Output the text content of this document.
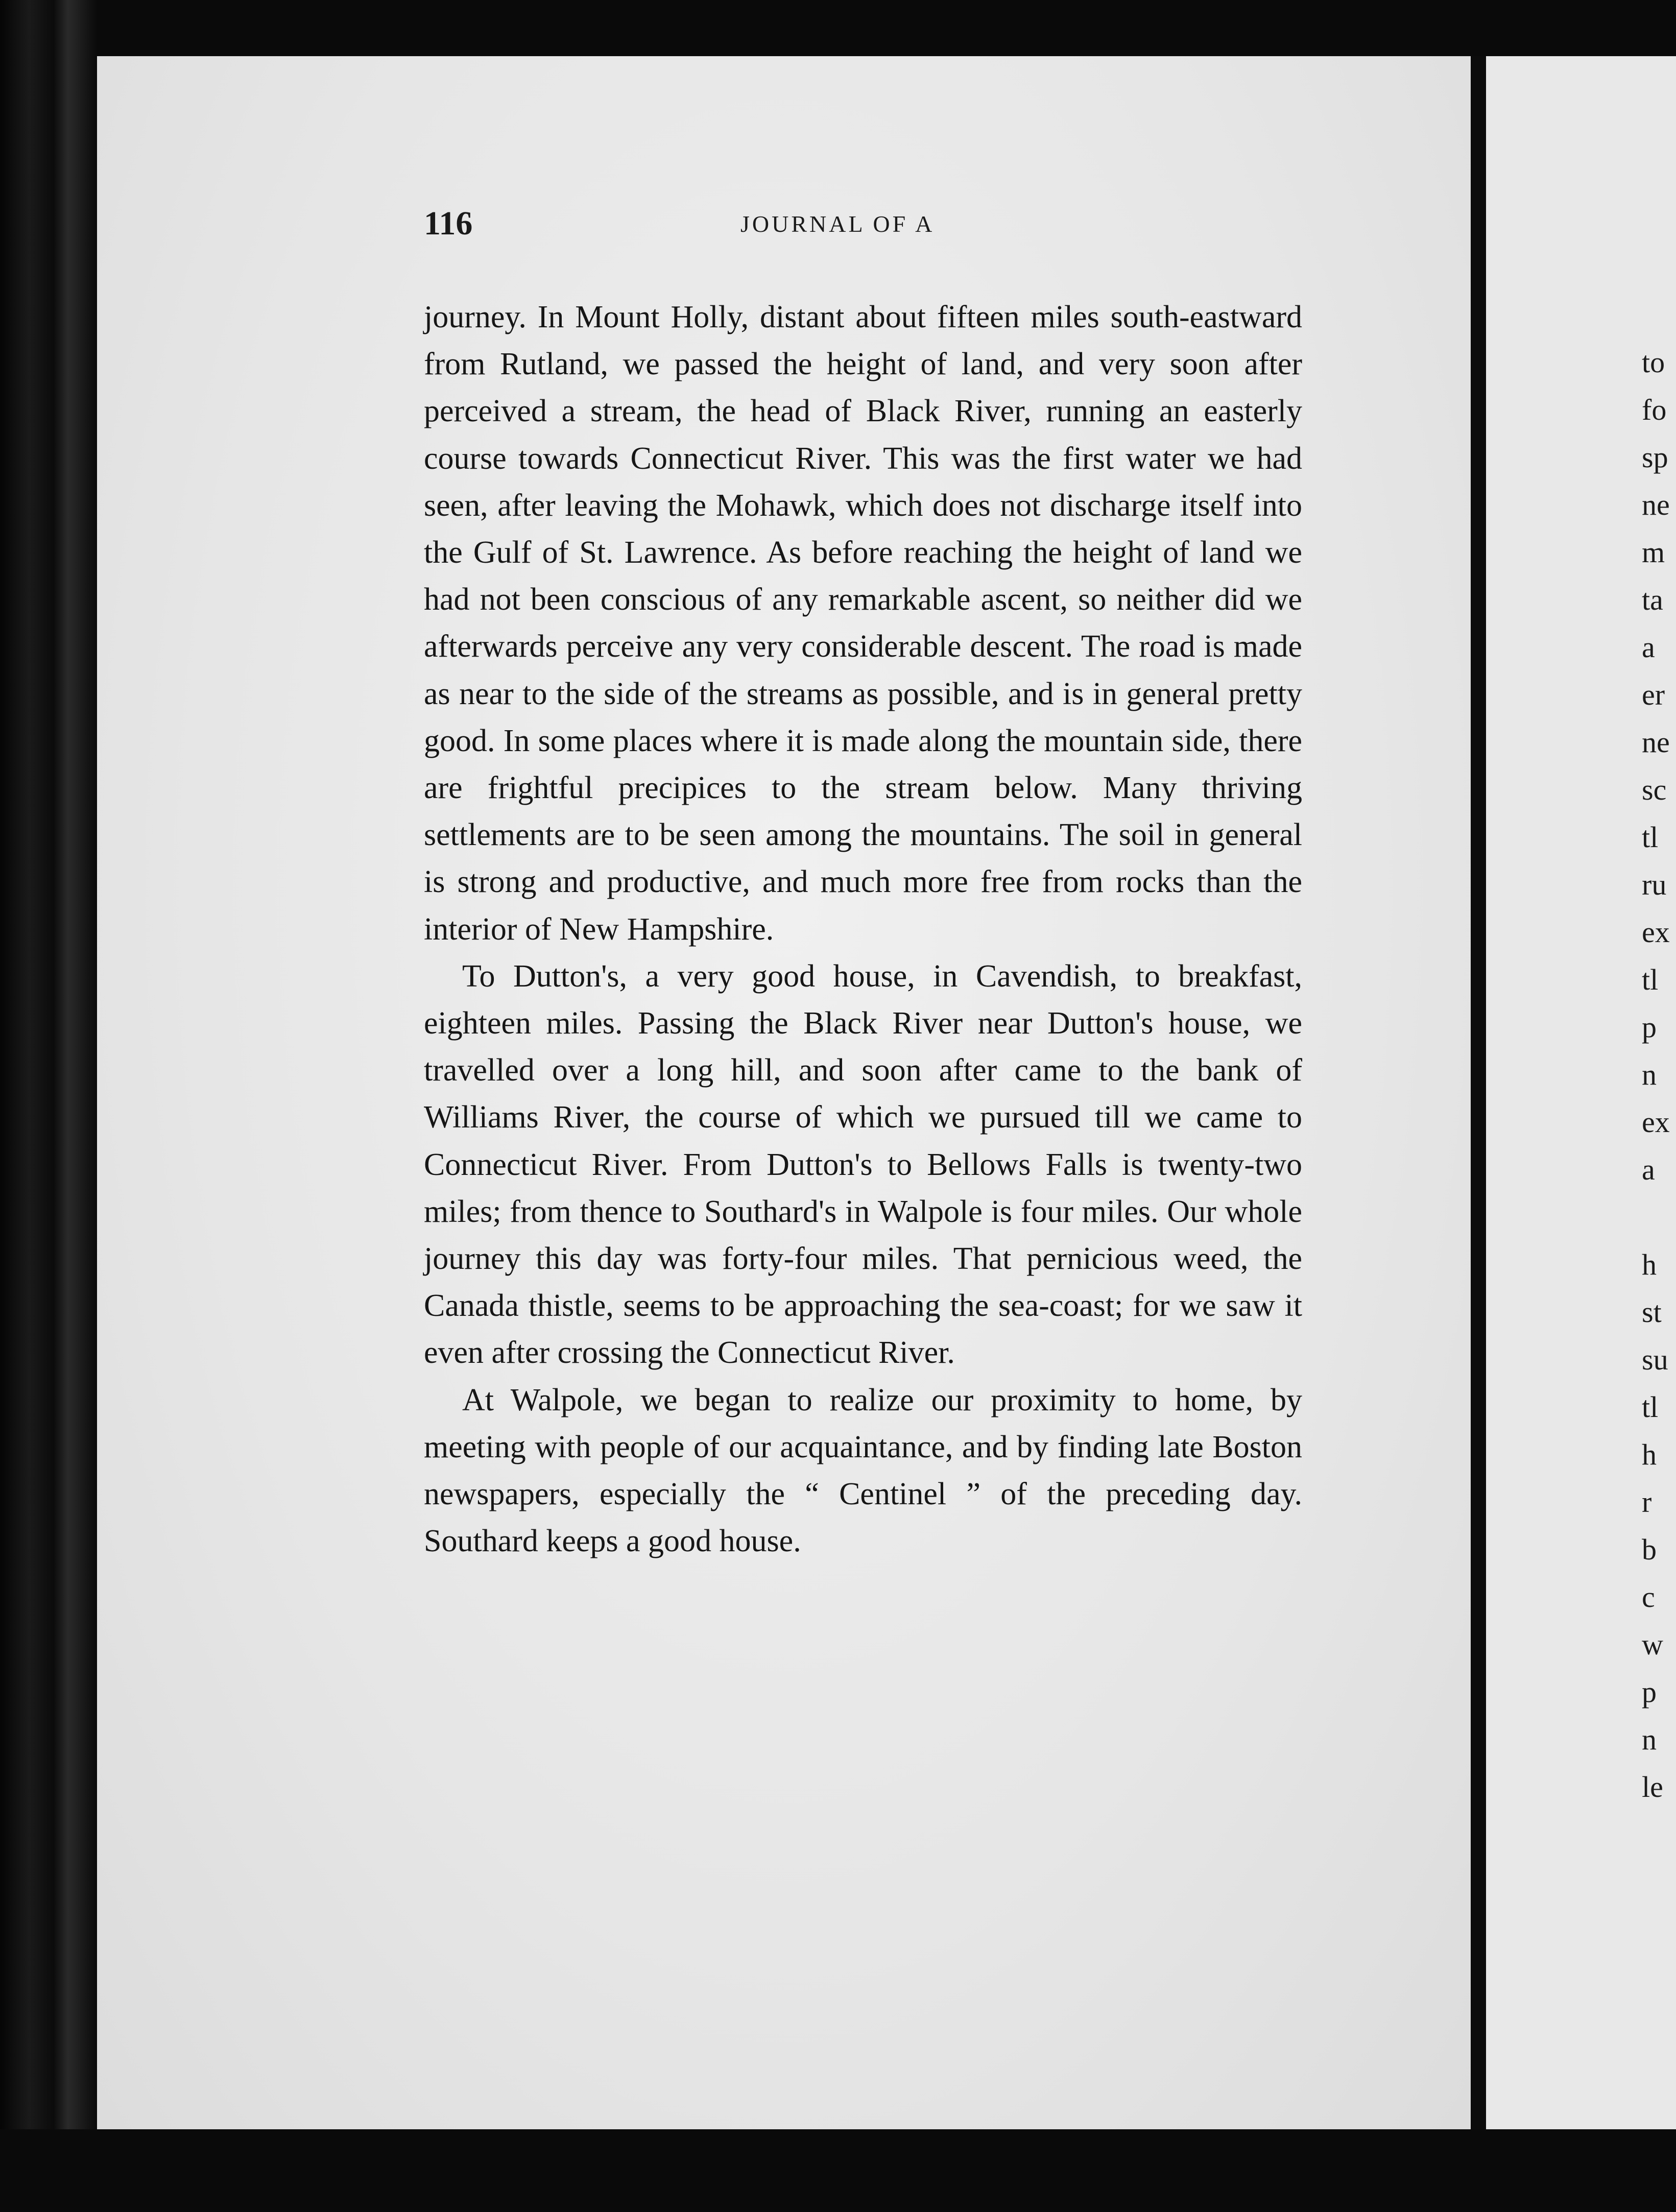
to
fo
sp
ne
m
ta
a
er
ne
sc
tl
ru
ex
tl
p
n
ex
a
h
st
su
tl
h
r
b
c
w
p
n
le
116	JOURNAL OF A

journey. In Mount Holly, distant about fifteen miles south-eastward from Rutland, we passed the height of land, and very soon after perceived a stream, the head of Black River, running an easterly course towards Connecticut River. This was the first water we had seen, after leaving the Mohawk, which does not discharge itself into the Gulf of St. Lawrence. As before reaching the height of land we had not been conscious of any remarkable ascent, so neither did we afterwards perceive any very considerable descent. The road is made as near to the side of the streams as possible, and is in general pretty good. In some places where it is made along the mountain side, there are frightful precipices to the stream below. Many thriving settlements are to be seen among the mountains. The soil in general is strong and productive, and much more free from rocks than the interior of New Hampshire.

To Dutton's, a very good house, in Cavendish, to breakfast, eighteen miles. Passing the Black River near Dutton's house, we travelled over a long hill, and soon after came to the bank of Williams River, the course of which we pursued till we came to Connecticut River. From Dutton's to Bellows Falls is twenty-two miles; from thence to Southard's in Walpole is four miles. Our whole journey this day was forty-four miles. That pernicious weed, the Canada thistle, seems to be approaching the sea-coast; for we saw it even after crossing the Connecticut River.

At Walpole, we began to realize our proximity to home, by meeting with people of our acquaintance, and by finding late Boston newspapers, especially the “ Centinel ” of the preceding day. Southard keeps a good house.
